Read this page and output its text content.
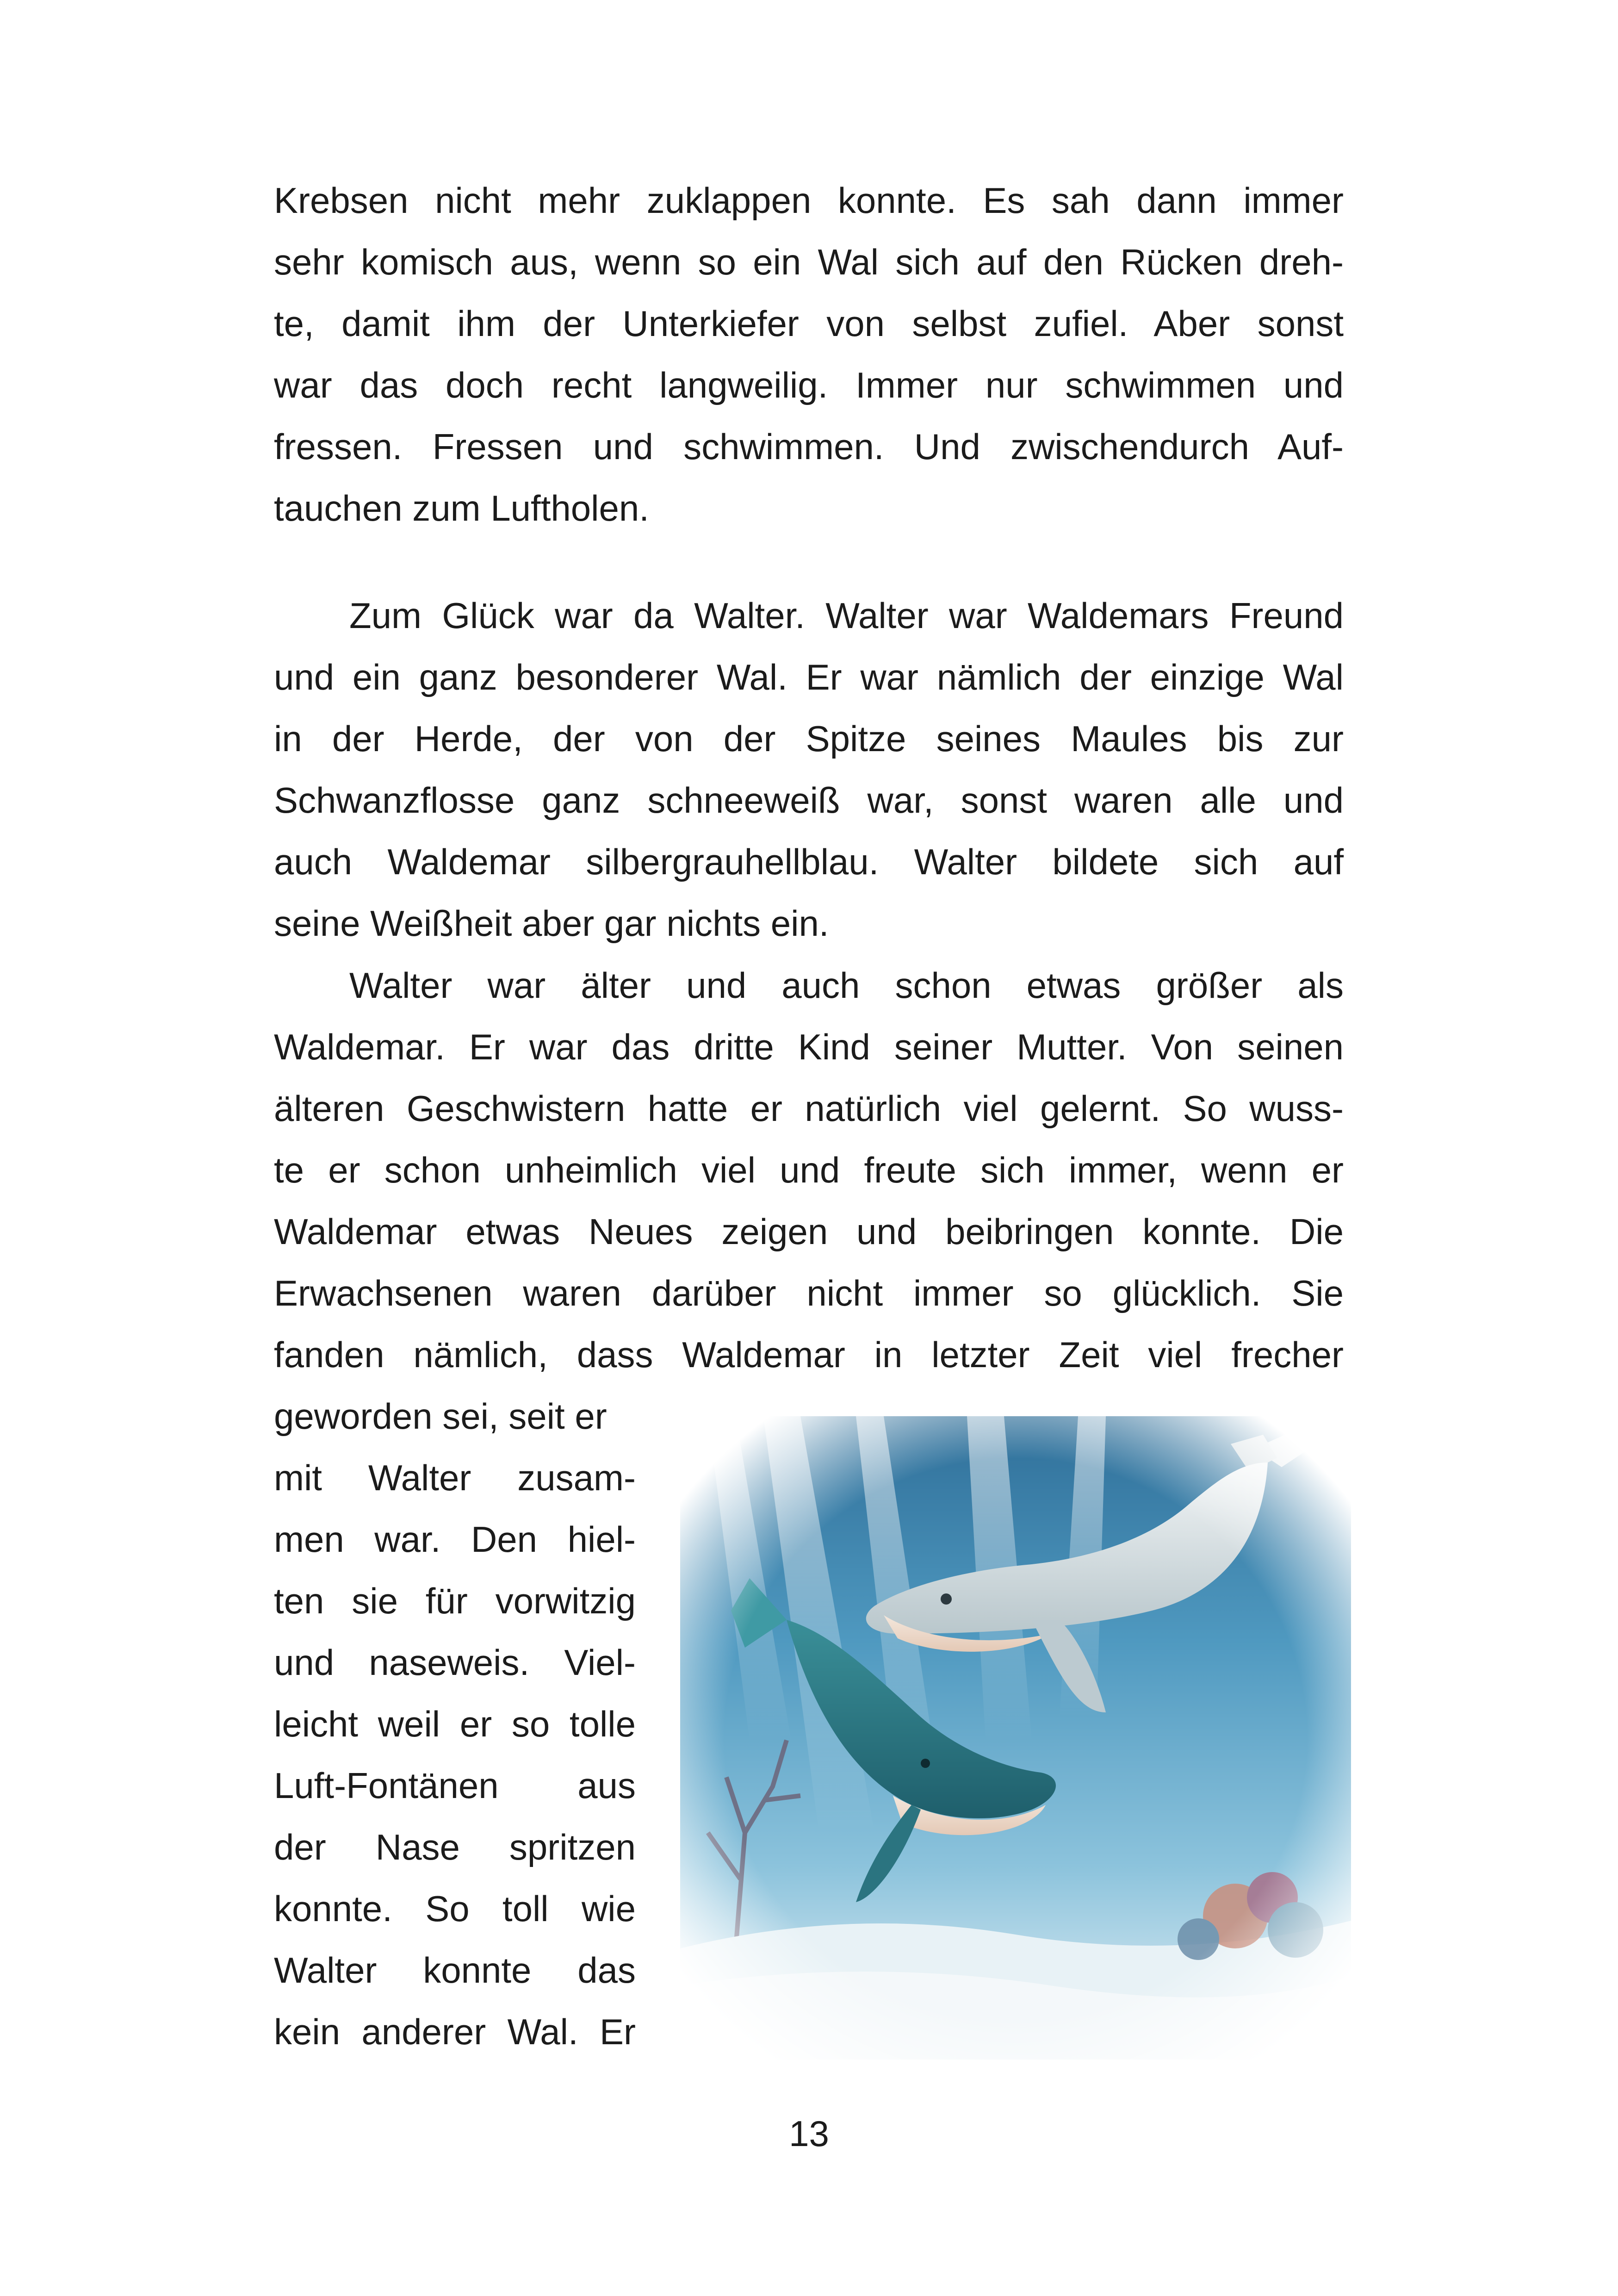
Krebsen nicht mehr zuklappen konnte. Es sah dann immer
sehr komisch aus, wenn so ein Wal sich auf den Rücken dreh-
te, damit ihm der Unterkiefer von selbst zufiel. Aber sonst
war das doch recht langweilig. Immer nur schwimmen und
fressen. Fressen und schwimmen. Und zwischendurch Auf-
tauchen zum Luftholen.
Zum Glück war da Walter. Walter war Waldemars Freund
und ein ganz besonderer Wal. Er war nämlich der einzige Wal
in der Herde, der von der Spitze seines Maules bis zur
Schwanzflosse ganz schneeweiß war, sonst waren alle und
auch Waldemar silbergrauhellblau. Walter bildete sich auf
seine Weißheit aber gar nichts ein.
Walter war älter und auch schon etwas größer als
Waldemar. Er war das dritte Kind seiner Mutter. Von seinen
älteren Geschwistern hatte er natürlich viel gelernt. So wuss-
te er schon unheimlich viel und freute sich immer, wenn er
Waldemar etwas Neues zeigen und beibringen konnte. Die
Erwachsenen waren darüber nicht immer so glücklich. Sie
fanden nämlich, dass Waldemar in letzter Zeit viel frecher
geworden sei, seit er
mit Walter zusam-
men war. Den hiel-
ten sie für vorwitzig
und naseweis. Viel-
leicht weil er so tolle
Luft-Fontänen aus
der Nase spritzen
konnte. So toll wie
Walter konnte das
kein anderer Wal. Er
13
